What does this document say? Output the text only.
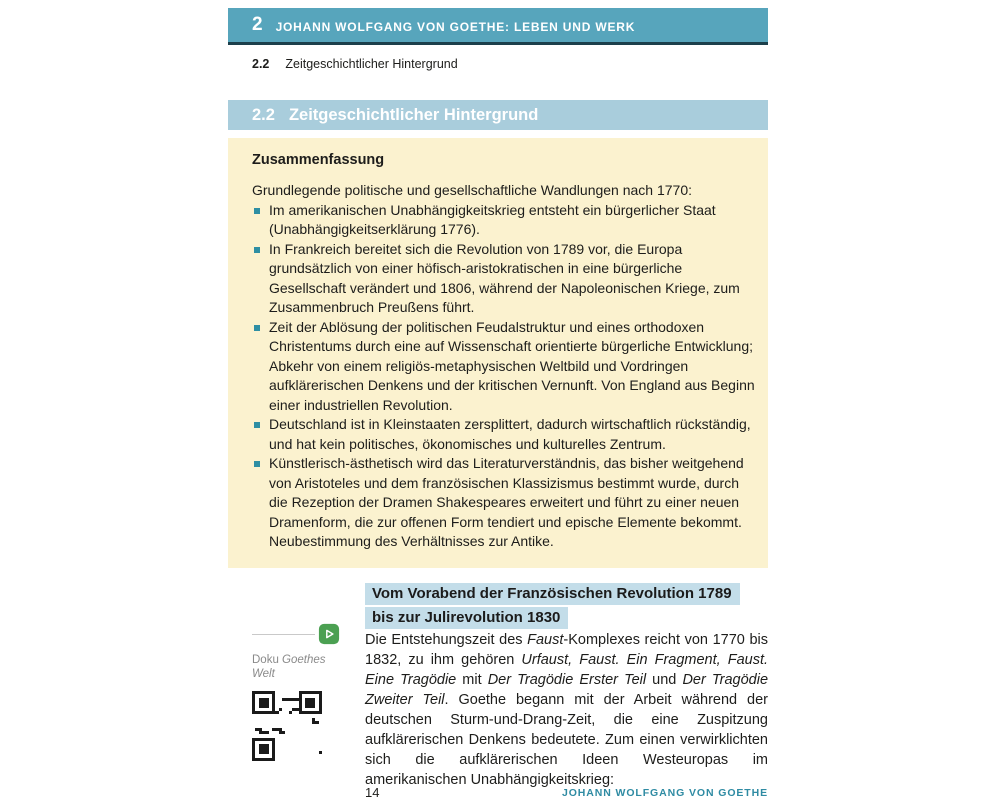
2 JOHANN WOLFGANG VON GOETHE: LEBEN UND WERK
2.2 Zeitgeschichtlicher Hintergrund
2.2 Zeitgeschichtlicher Hintergrund
Zusammenfassung

Grundlegende politische und gesellschaftliche Wandlungen nach 1770:

Im amerikanischen Unabhängigkeitskrieg entsteht ein bürgerlicher Staat (Unabhängigkeitserklärung 1776).
In Frankreich bereitet sich die Revolution von 1789 vor, die Europa grundsätzlich von einer höfisch-aristokratischen in eine bürgerliche Gesellschaft verändert und 1806, während der Napoleonischen Kriege, zum Zusammenbruch Preußens führt.
Zeit der Ablösung der politischen Feudalstruktur und eines orthodoxen Christentums durch eine auf Wissenschaft orientierte bürgerliche Entwicklung; Abkehr von einem religiös-metaphysischen Weltbild und Vordringen aufklärerischen Denkens und der kritischen Vernunft. Von England aus Beginn einer industriellen Revolution.
Deutschland ist in Kleinstaaten zersplittert, dadurch wirtschaftlich rückständig, und hat kein politisches, ökonomisches und kulturelles Zentrum.
Künstlerisch-ästhetisch wird das Literaturverständnis, das bisher weitgehend von Aristoteles und dem französischen Klassizismus bestimmt wurde, durch die Rezeption der Dramen Shakespeares erweitert und führt zu einer neuen Dramenform, die zur offenen Form tendiert und epische Elemente bekommt. Neubestimmung des Verhältnisses zur Antike.

Doku Goethes Welt

Vom Vorabend der Französischen Revolution 1789
bis zur Julirevolution 1830

Die Entstehungszeit des Faust-Komplexes reicht von 1770 bis 1832, zu ihm gehören Urfaust, Faust. Ein Fragment, Faust. Eine Tragödie mit Der Tragödie Erster Teil und Der Tragödie Zweiter Teil. Goethe begann mit der Arbeit während der deutschen Sturm-und-Drang-Zeit, die eine Zuspitzung aufklärerischen Denkens bedeutete. Zum einen verwirklichten sich die aufklärerischen Ideen Westeuropas im amerikanischen Unabhängigkeitskrieg:

14	JOHANN WOLFGANG VON GOETHE
